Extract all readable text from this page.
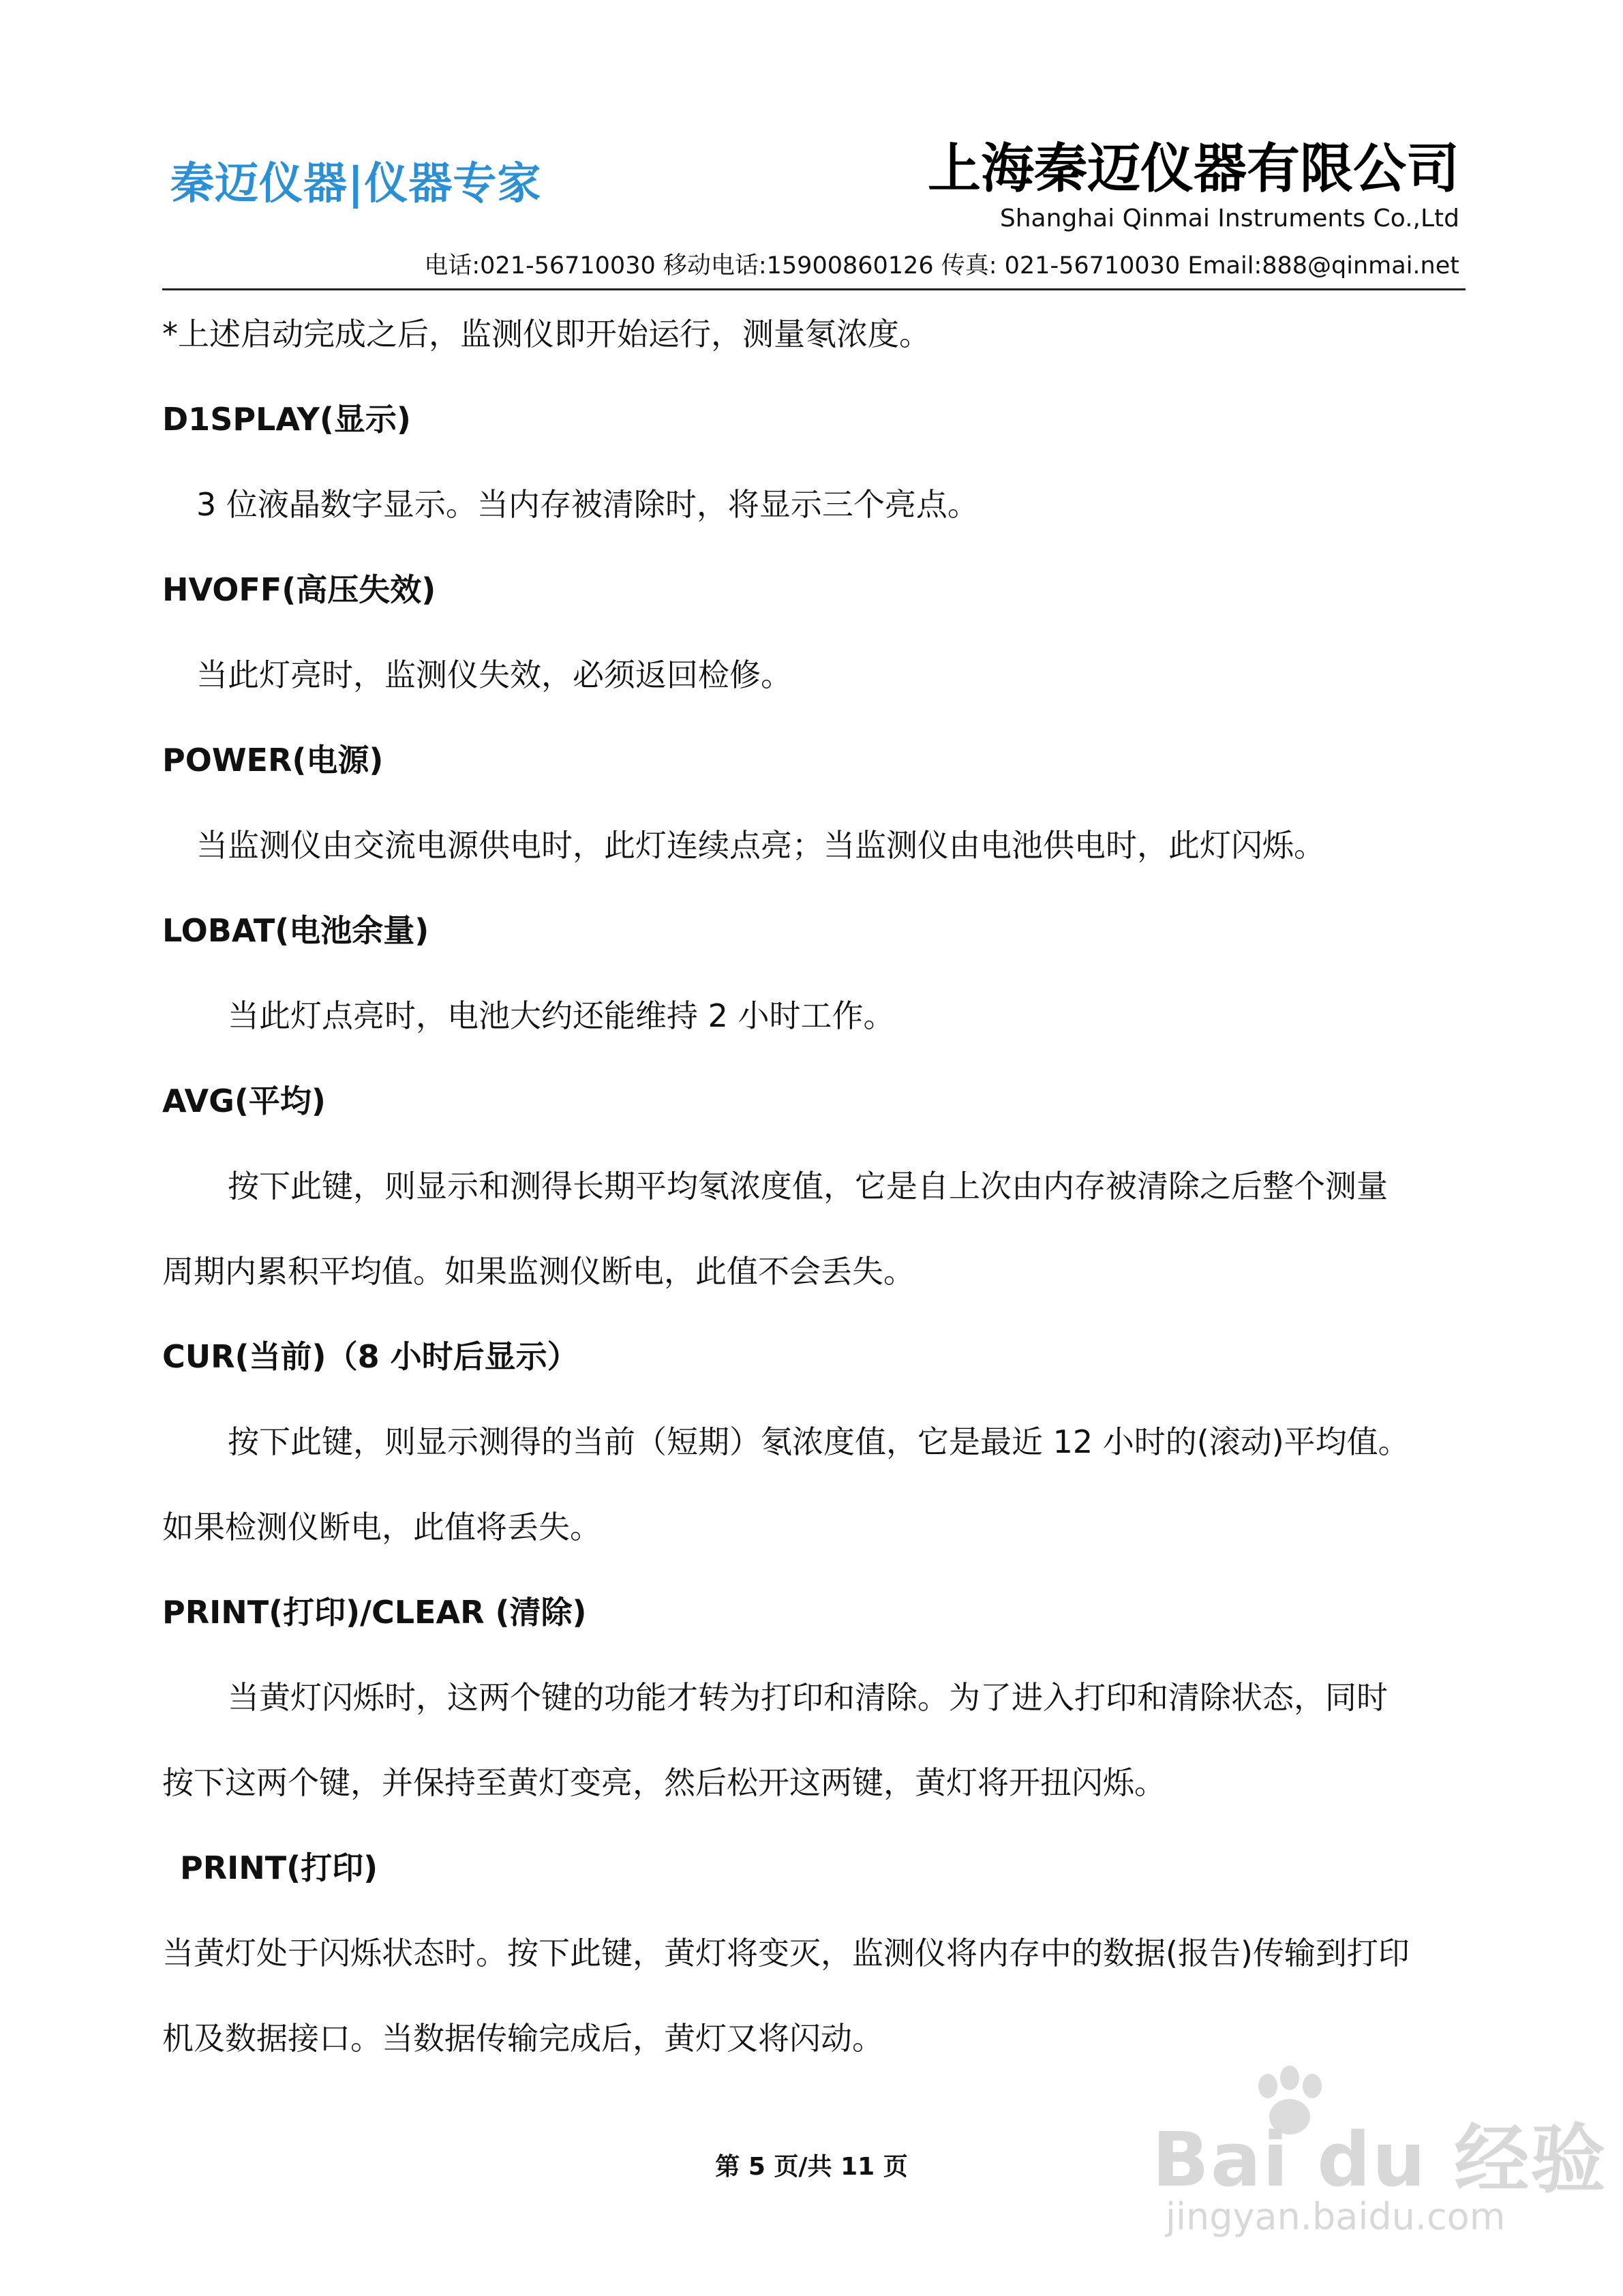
秦迈仪器|仪器专家	上海秦迈仪器有限公司
Shanghai Qinmai Instruments Co.,Ltd
电话:021-56710030 移动电话:15900860126 传真: 021-56710030 Email:888@qinmai.net
*上述启动完成之后，监测仪即开始运行，测量氡浓度。
D1SPLAY(显示)
3 位液晶数字显示。当内存被清除时，将显示三个亮点。
HVOFF(高压失效)
当此灯亮时，监测仪失效，必须返回检修。
POWER(电源)
当监测仪由交流电源供电时，此灯连续点亮；当监测仪由电池供电时，此灯闪烁。
LOBAT(电池余量)
当此灯点亮时，电池大约还能维持 2 小时工作。
AVG(平均)
按下此键，则显示和测得长期平均氡浓度值，它是自上次由内存被清除之后整个测量
周期内累积平均值。如果监测仪断电，此值不会丢失。
CUR(当前)（8 小时后显示）
按下此键，则显示测得的当前（短期）氡浓度值，它是最近 12 小时的(滚动)平均值。
如果检测仪断电，此值将丢失。
PRINT(打印)/CLEAR (清除)
当黄灯闪烁时，这两个键的功能才转为打印和清除。为了进入打印和清除状态，同时
按下这两个键，并保持至黄灯变亮，然后松开这两键，黄灯将开扭闪烁。
PRINT(打印)
当黄灯处于闪烁状态时。按下此键，黄灯将变灭，监测仪将内存中的数据(报告)传输到打印
机及数据接口。当数据传输完成后，黄灯又将闪动。
第 5 页/共 11 页	Bai du 经验
jingyan.baidu.com
